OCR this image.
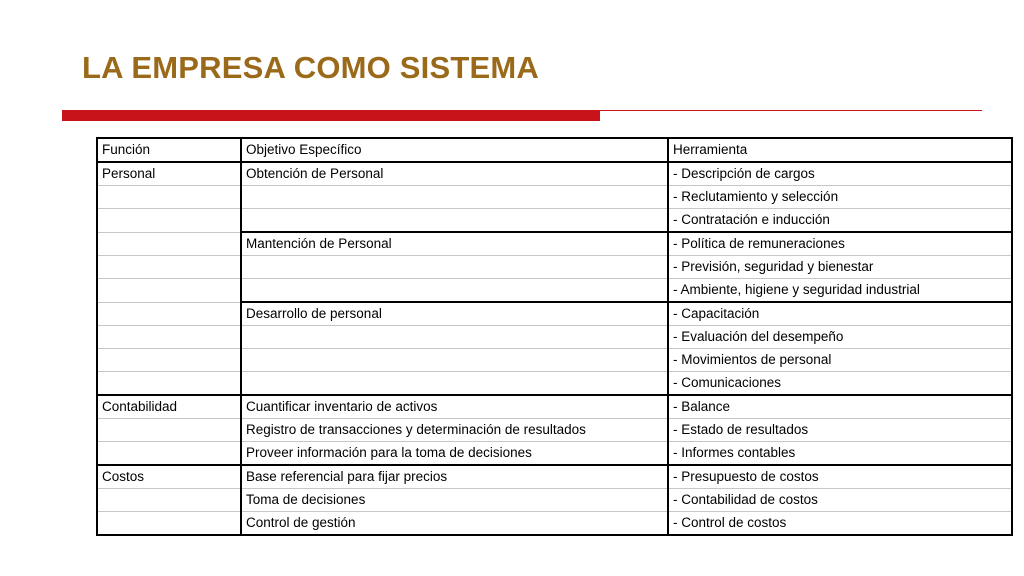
LA EMPRESA COMO SISTEMA
Función	Objetivo Específico	Herramienta
Personal	Obtención de Personal	- Descripción de cargos
		- Reclutamiento y selección
		- Contratación e inducción
	Mantención de Personal	- Política de remuneraciones
		- Previsión, seguridad y bienestar
		- Ambiente, higiene y seguridad industrial
	Desarrollo de personal	- Capacitación
		- Evaluación del desempeño
		- Movimientos de personal
		- Comunicaciones
Contabilidad	Cuantificar inventario de activos	- Balance
	Registro de transacciones y determinación de resultados	- Estado de resultados
	Proveer información para la toma de decisiones	- Informes contables
Costos	Base referencial para fijar precios	- Presupuesto de costos
	Toma de decisiones	- Contabilidad de costos
	Control de gestión	- Control de costos
